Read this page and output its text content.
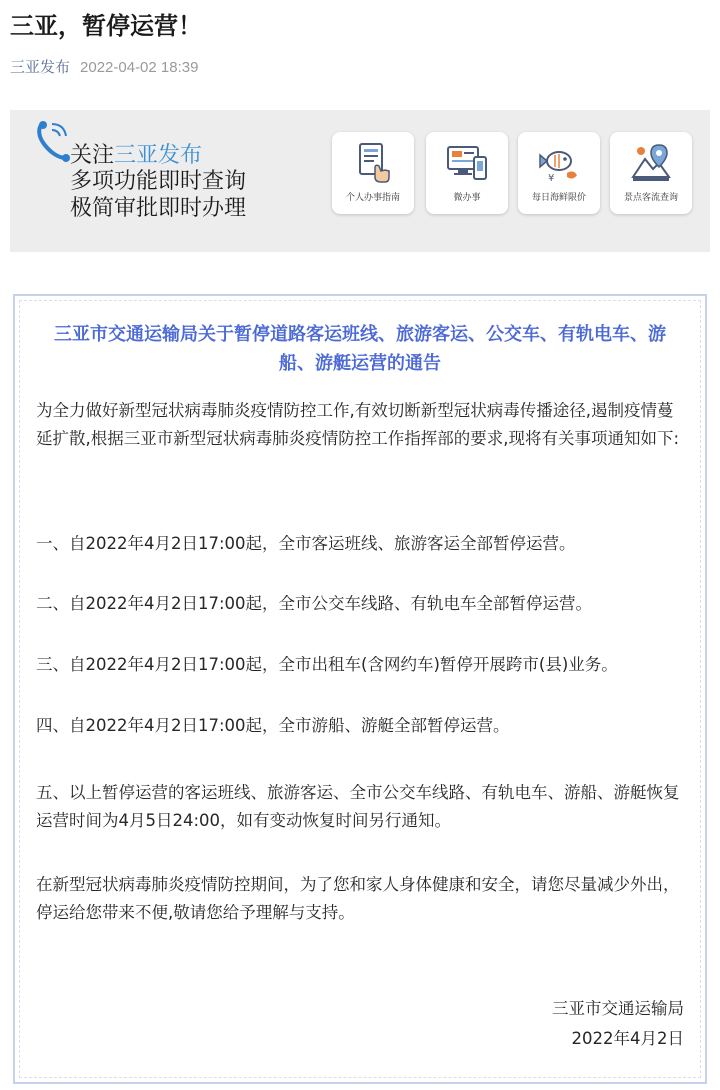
三亚，暂停运营！
三亚发布 2022-04-02 18:39
关注三亚发布
多项功能即时查询
极简审批即时办理	个人办事指南	微办事
¥
每日海鲜限价	景点客流查询
三亚市交通运输局关于暂停道路客运班线、旅游客运、公交车、有轨电车、游船、游艇运营的通告
为全力做好新型冠状病毒肺炎疫情防控工作,有效切断新型冠状病毒传播途径,遏制疫情蔓延扩散,根据三亚市新型冠状病毒肺炎疫情防控工作指挥部的要求,现将有关事项通知如下:
一、自2022年4月2日17:00起，全市客运班线、旅游客运全部暂停运营。
二、自2022年4月2日17:00起，全市公交车线路、有轨电车全部暂停运营。
三、自2022年4月2日17:00起，全市出租车(含网约车)暂停开展跨市(县)业务。
四、自2022年4月2日17:00起，全市游船、游艇全部暂停运营。
五、以上暂停运营的客运班线、旅游客运、全市公交车线路、有轨电车、游船、游艇恢复运营时间为4月5日24:00，如有变动恢复时间另行通知。
在新型冠状病毒肺炎疫情防控期间，为了您和家人身体健康和安全，请您尽量减少外出，停运给您带来不便,敬请您给予理解与支持。
三亚市交通运输局
2022年4月2日
